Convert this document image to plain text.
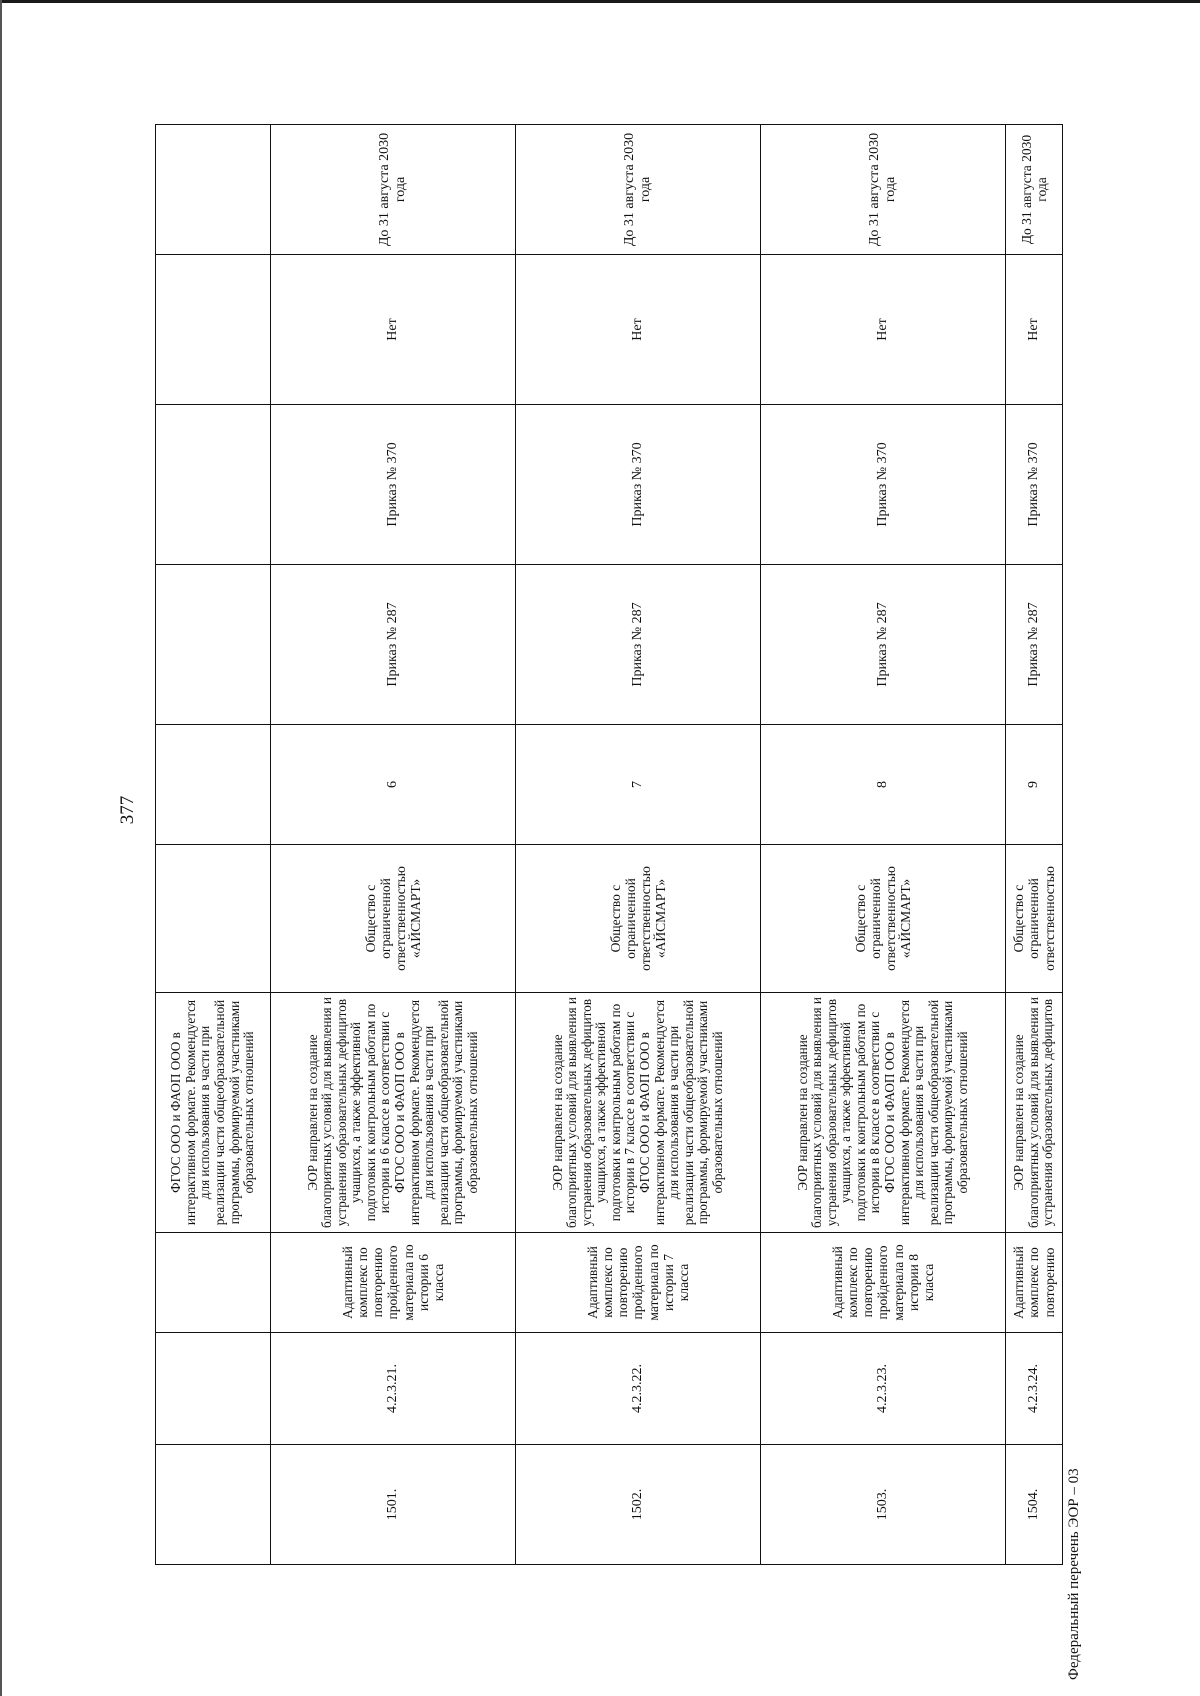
377
			ФГОС ООО и ФАОП ООО в интерактивном формате. Рекомендуется для использования в части при реализации части общеобразовательной программы, формируемой участниками образовательных отношений						
1501.	4.2.3.21.	Адаптивный комплекс по повторению пройденного материала по истории 6 класса	ЭОР направлен на создание благоприятных условий для выявления и устранения образовательных дефицитов учащихся, а также эффективной подготовки к контрольным работам по истории в 6 классе в соответствии с ФГОС ООО и ФАОП ООО в интерактивном формате. Рекомендуется для использования в части при реализации части общеобразовательной программы, формируемой участниками образовательных отношений	Общество с ограниченной ответственностью «АЙСМАРТ»	6	Приказ № 287	Приказ № 370	Нет	До 31 августа 2030 года
1502.	4.2.3.22.	Адаптивный комплекс по повторению пройденного материала по истории 7 класса	ЭОР направлен на создание благоприятных условий для выявления и устранения образовательных дефицитов учащихся, а также эффективной подготовки к контрольным работам по истории в 7 классе в соответствии с ФГОС ООО и ФАОП ООО в интерактивном формате. Рекомендуется для использования в части при реализации части общеобразовательной программы, формируемой участниками образовательных отношений	Общество с ограниченной ответственностью «АЙСМАРТ»	7	Приказ № 287	Приказ № 370	Нет	До 31 августа 2030 года
1503.	4.2.3.23.	Адаптивный комплекс по повторению пройденного материала по истории 8 класса	ЭОР направлен на создание благоприятных условий для выявления и устранения образовательных дефицитов учащихся, а также эффективной подготовки к контрольным работам по истории в 8 классе в соответствии с ФГОС ООО и ФАОП ООО в интерактивном формате. Рекомендуется для использования в части при реализации части общеобразовательной программы, формируемой участниками образовательных отношений	Общество с ограниченной ответственностью «АЙСМАРТ»	8	Приказ № 287	Приказ № 370	Нет	До 31 августа 2030 года
1504.	4.2.3.24.	Адаптивный комплекс по повторению	ЭОР направлен на создание благоприятных условий для выявления и устранения образовательных дефицитов	Общество с ограниченной ответственностью	9	Приказ № 287	Приказ № 370	Нет	До 31 августа 2030 года
Федеральный перечень ЭОР – 03
